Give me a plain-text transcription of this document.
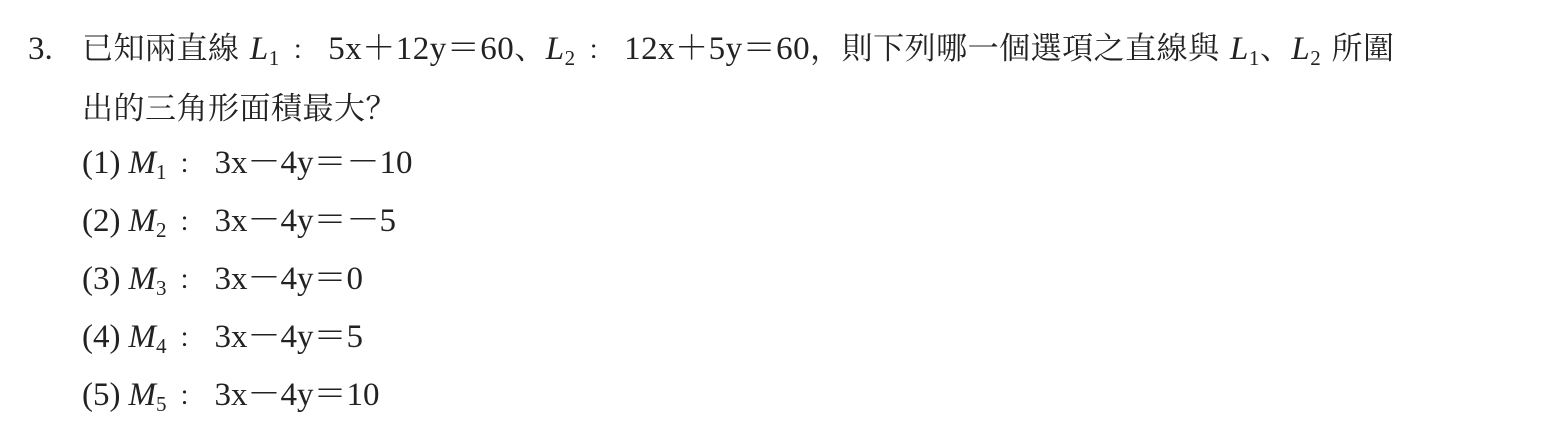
3. 已知兩直線 $L_1$ ： 5x＋12y＝60、$L_2$ ： 12x＋5y＝60，則下列哪一個選項之直線與 $L_1$、$L_2$ 所圍
出的三角形面積最大？
(1) $M_1$ ： 3x－4y＝－10
(2) $M_2$ ： 3x－4y＝－5
(3) $M_3$ ： 3x－4y＝0
(4) $M_4$ ： 3x－4y＝5
(5) $M_5$ ： 3x－4y＝10
